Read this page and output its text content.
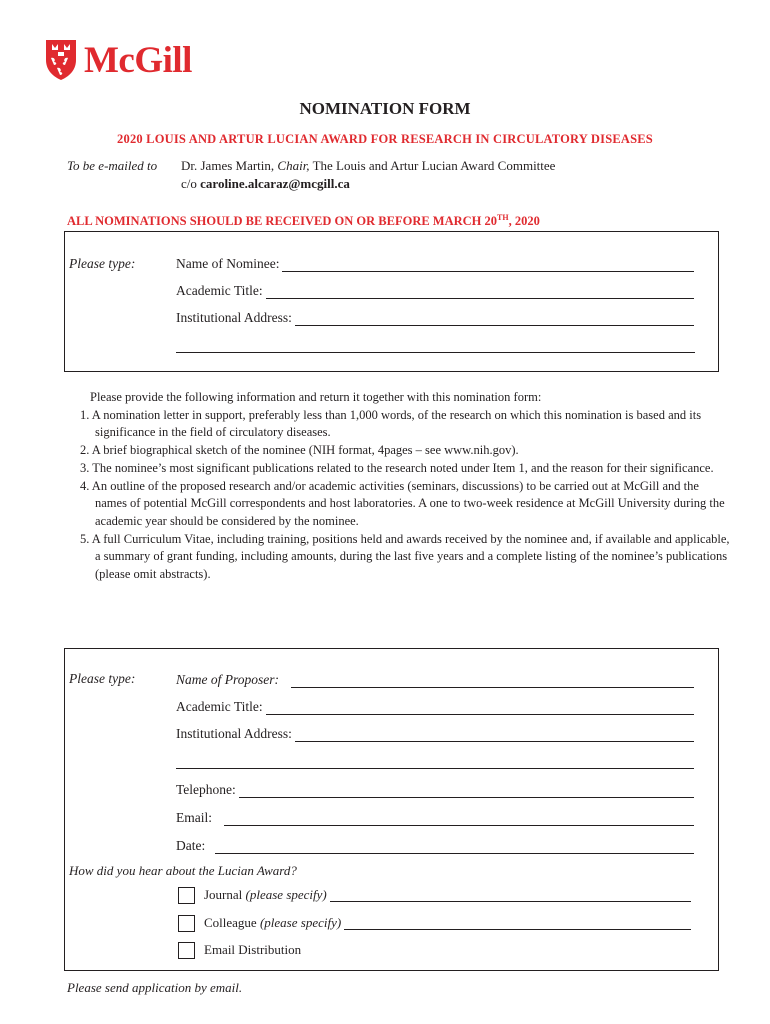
McGill
NOMINATION FORM
2020 LOUIS AND ARTUR LUCIAN AWARD FOR RESEARCH IN CIRCULATORY DISEASES
To be e-mailed to Dr. James Martin, Chair, The Louis and Artur Lucian Award Committee
c/o caroline.alcaraz@mcgill.ca
ALL NOMINATIONS SHOULD BE RECEIVED ON OR BEFORE MARCH 20TH, 2020
Please type:	Name of Nominee:
Academic Title:
Institutional Address:

Please provide the following information and return it together with this nomination form:

1. A nomination letter in support, preferably less than 1,000 words, of the research on which this nomination is based and its significance in the field of circulatory diseases.
2. A brief biographical sketch of the nominee (NIH format, 4pages – see www.nih.gov).
3. The nominee’s most significant publications related to the research noted under Item 1, and the reason for their significance.
4. An outline of the proposed research and/or academic activities (seminars, discussions) to be carried out at McGill and the names of potential McGill correspondents and host laboratories. A one to two-week residence at McGill University during the academic year should be considered by the nominee.
5. A full Curriculum Vitae, including training, positions held and awards received by the nominee and, if available and applicable, a summary of grant funding, including amounts, during the last five years and a complete listing of the nominee’s publications (please omit abstracts).
Please type:	Name of Proposer:
Academic Title:
Institutional Address:
Telephone:
Email:
Date:
How did you hear about the Lucian Award?
Journal
(please specify)
Colleague
(please specify)
Email Distribution
Please send application by email.
